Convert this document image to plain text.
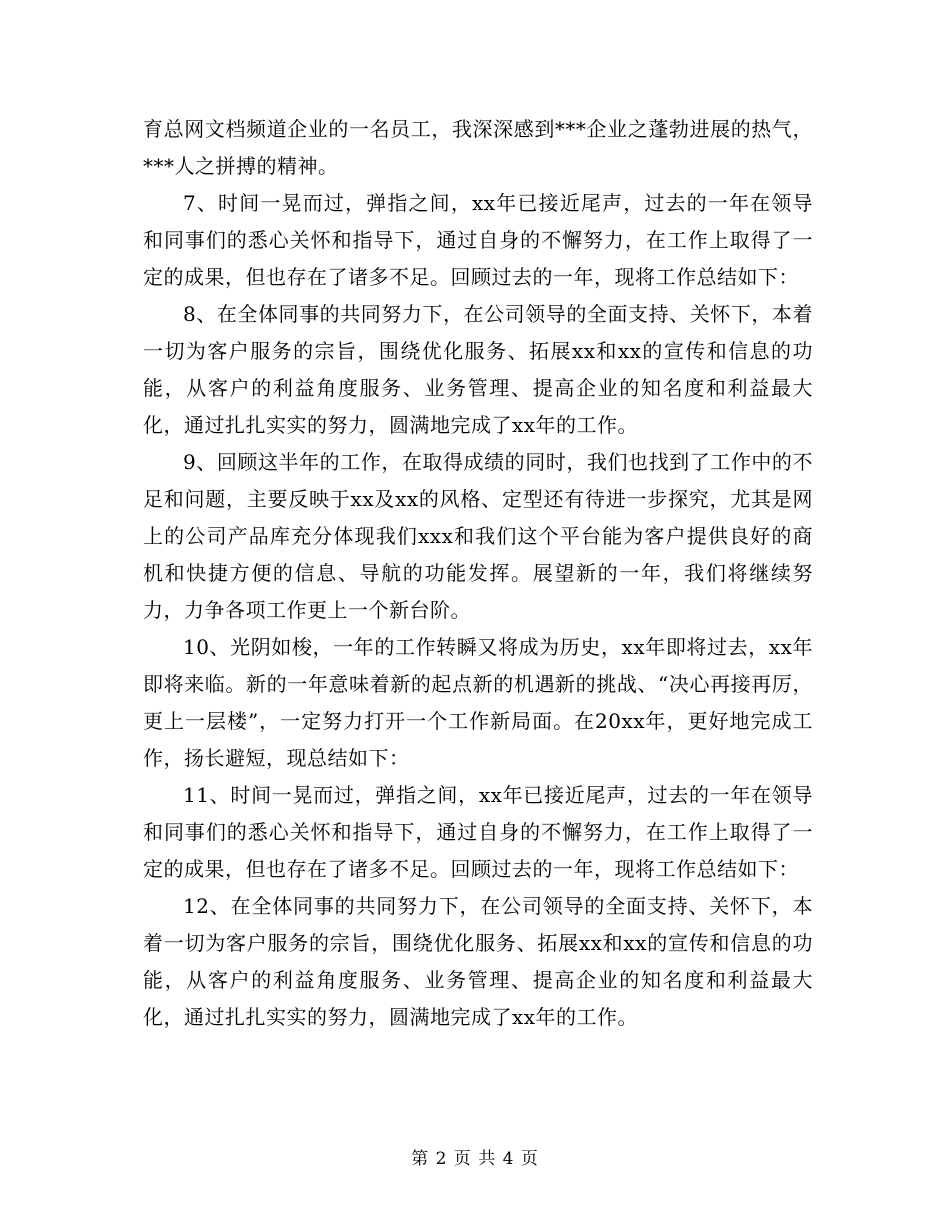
育总网文档频道企业的一名员工，我深深感到***企业之蓬勃进展的热气，***人之拼搏的精神。

7、时间一晃而过，弹指之间，xx年已接近尾声，过去的一年在领导和同事们的悉心关怀和指导下，通过自身的不懈努力，在工作上取得了一定的成果，但也存在了诸多不足。回顾过去的一年，现将工作总结如下：

8、在全体同事的共同努力下，在公司领导的全面支持、关怀下，本着一切为客户服务的宗旨，围绕优化服务、拓展xx和xx的宣传和信息的功能，从客户的利益角度服务、业务管理、提高企业的知名度和利益最大化，通过扎扎实实的努力，圆满地完成了xx年的工作。

9、回顾这半年的工作，在取得成绩的同时，我们也找到了工作中的不足和问题，主要反映于xx及xx的风格、定型还有待进一步探究，尤其是网上的公司产品库充分体现我们xxx和我们这个平台能为客户提供良好的商机和快捷方便的信息、导航的功能发挥。展望新的一年，我们将继续努力，力争各项工作更上一个新台阶。

10、光阴如梭，一年的工作转瞬又将成为历史，xx年即将过去，xx年即将来临。新的一年意味着新的起点新的机遇新的挑战、“决心再接再厉，更上一层楼”，一定努力打开一个工作新局面。在20xx年，更好地完成工作，扬长避短，现总结如下：

11、时间一晃而过，弹指之间，xx年已接近尾声，过去的一年在领导和同事们的悉心关怀和指导下，通过自身的不懈努力，在工作上取得了一定的成果，但也存在了诸多不足。回顾过去的一年，现将工作总结如下：

12、在全体同事的共同努力下，在公司领导的全面支持、关怀下，本着一切为客户服务的宗旨，围绕优化服务、拓展xx和xx的宣传和信息的功能，从客户的利益角度服务、业务管理、提高企业的知名度和利益最大化，通过扎扎实实的努力，圆满地完成了xx年的工作。

第 2 页 共 4 页
